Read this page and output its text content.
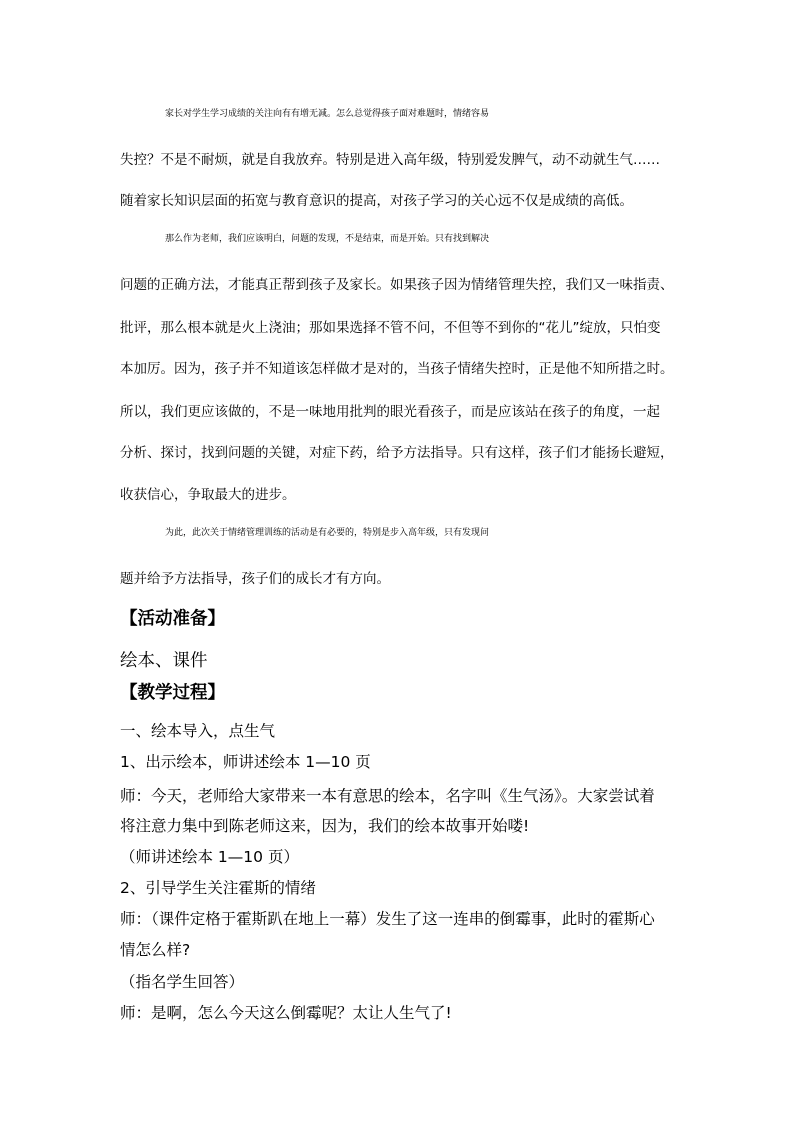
家长对学生学习成绩的关注向有有增无减。怎么总觉得孩子面对难题时，情绪容易
失控？不是不耐烦，就是自我放弃。特别是进入高年级，特别爱发脾气，动不动就生气……
随着家长知识层面的拓宽与教育意识的提高，对孩子学习的关心远不仅是成绩的高低。
那么作为老师，我们应该明白，问题的发现，不是结束，而是开始。只有找到解决
问题的正确方法，才能真正帮到孩子及家长。如果孩子因为情绪管理失控，我们又一味指责、
批评，那么根本就是火上浇油；那如果选择不管不问，不但等不到你的“花儿”绽放，只怕变
本加厉。因为，孩子并不知道该怎样做才是对的，当孩子情绪失控时，正是他不知所措之时。
所以，我们更应该做的，不是一味地用批判的眼光看孩子，而是应该站在孩子的角度，一起
分析、探讨，找到问题的关键，对症下药，给予方法指导。只有这样，孩子们才能扬长避短，
收获信心，争取最大的进步。
为此，此次关于情绪管理训练的活动是有必要的，特别是步入高年级，只有发现问
题并给予方法指导，孩子们的成长才有方向。
【活动准备】
绘本、课件
【教学过程】
一、绘本导入，点生气
1、出示绘本，师讲述绘本 1—10 页
师：今天，老师给大家带来一本有意思的绘本，名字叫《生气汤》。大家尝试着
将注意力集中到陈老师这来，因为，我们的绘本故事开始喽!
（师讲述绘本 1—10 页）
2、引导学生关注霍斯的情绪
师：（课件定格于霍斯趴在地上一幕）发生了这一连串的倒霉事，此时的霍斯心
情怎么样?
（指名学生回答）
师：是啊，怎么今天这么倒霉呢？太让人生气了!
